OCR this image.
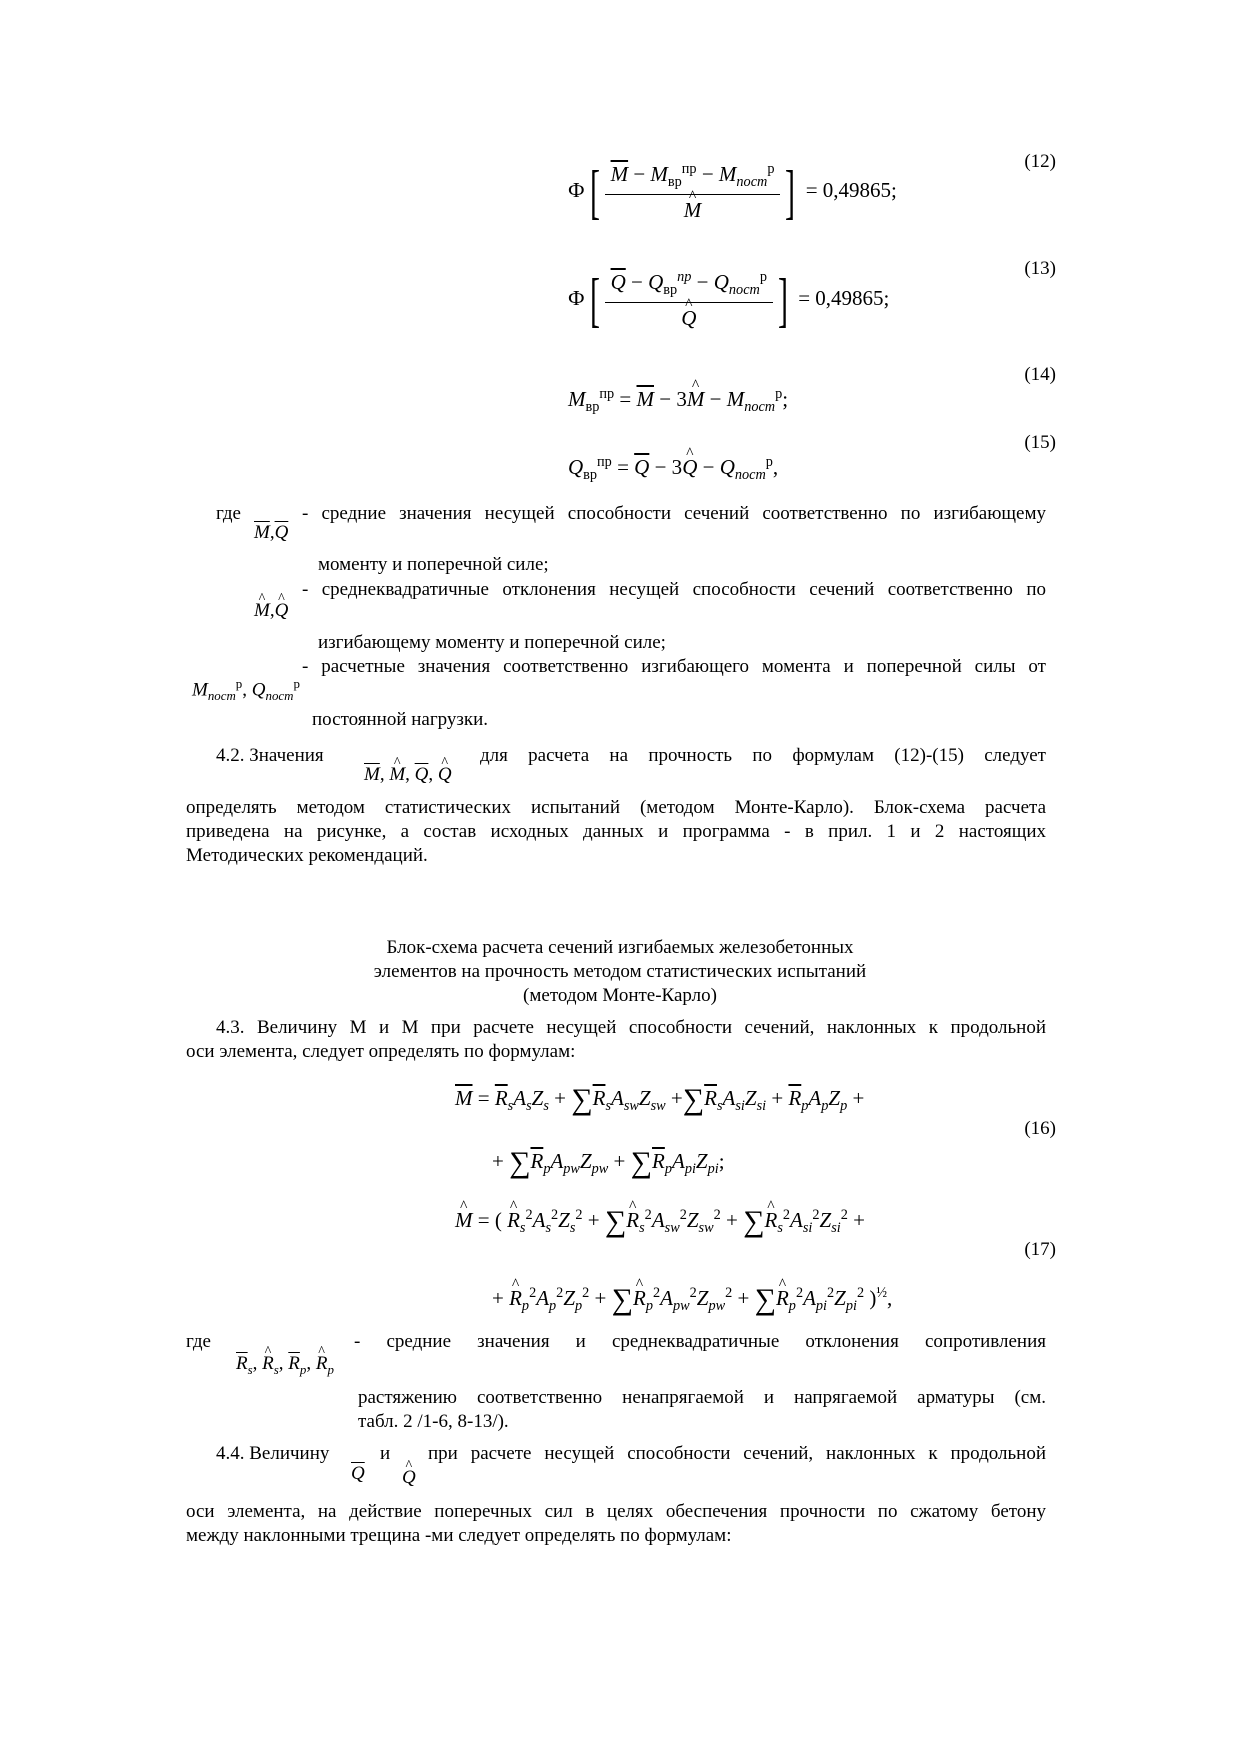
(12)
Ф[ $\overline{M} - M_{вр}^{пр} - M_{пост}^р$
^ M ] = 0,49865;
(13)
Ф[ $\overline{Q} - Q_{вр}^{пр} - Q_{пост}^р$
^ Q ] = 0,49865;
(14)
$M_{вр}^{пр} = \overline{M}$ − 3^ $M - M_{пост}^р$;
(15)
$Q_{вр}^{пр} = \overline{Q}$ − 3^ $Q - Q_{пост}^р$,
где
$\overline{M},\overline{Q}$
- средние значения несущей способности сечений соответственно по изгибающему
моменту и поперечной силе;
^ M,^ Q
- среднеквадратичные отклонения несущей способности сечений соответственно по
изгибающему моменту и поперечной силе;
$M_{пост}^р$, $Q_{пост}^р$
- расчетные значения соответственно изгибающего момента и поперечной силы от
постоянной нагрузки.
4.2. Значения
$\overline{M}$, ^ M, $\overline{Q}$, ^ Q
для расчета на прочность по формулам (12)-(15) следует
определять методом статистических испытаний (методом Монте-Карло). Блок-схема расчета
приведена на рисунке, а состав исходных данных и программа - в прил. 1 и 2 настоящих
Методических рекомендаций.
Блок-схема расчета сечений изгибаемых железобетонных
элементов на прочность методом статистических испытаний
(методом Монте-Карло)
4.3. Величину M и M при расчете несущей способности сечений, наклонных к продольной
оси элемента, следует определять по формулам:
$\overline{M} = \overline{R}_sA_sZ_s + \sum\overline{R}_sA_{sw}Z_{sw} +\sum\overline{R}_sA_{si}Z_{si} + \overline{R}_pA_pZ_p$ +
(16)
+ $\sum\overline{R}_pA_{pw}Z_{pw} + \sum\overline{R}_pA_{pi}Z_{pi}$;
^ M = ( ^ $R_s^2A_s^2Z_s^2$ + ∑^ $R_s^2A_{sw}^2Z_{sw}^2$ + ∑^ $R_s^2A_{si}^2Z_{si}^2$ +
(17)
+ ^ $R_p^2A_p^2Z_p^2$ + ∑^ $R_p^2A_{pw}^2Z_{pw}^2$ + ∑^ $R_p^2A_{pi}^2Z_{pi}^2$ )$^{\frac{1}{2}}$,
где
$\overline{R}_s$, ^ $R_s$, $\overline{R}_p$, ^ $R_p$
- средние значения и среднеквадратичные отклонения сопротивления
растяжению соответственно ненапрягаемой и напрягаемой арматуры (см.
табл. 2 /1-6, 8-13/).
4.4. Величину
$\overline{Q}$
и
^ Q
при расчете несущей способности сечений, наклонных к продольной
оси элемента, на действие поперечных сил в целях обеспечения прочности по сжатому бетону
между наклонными трещина -ми следует определять по формулам:
